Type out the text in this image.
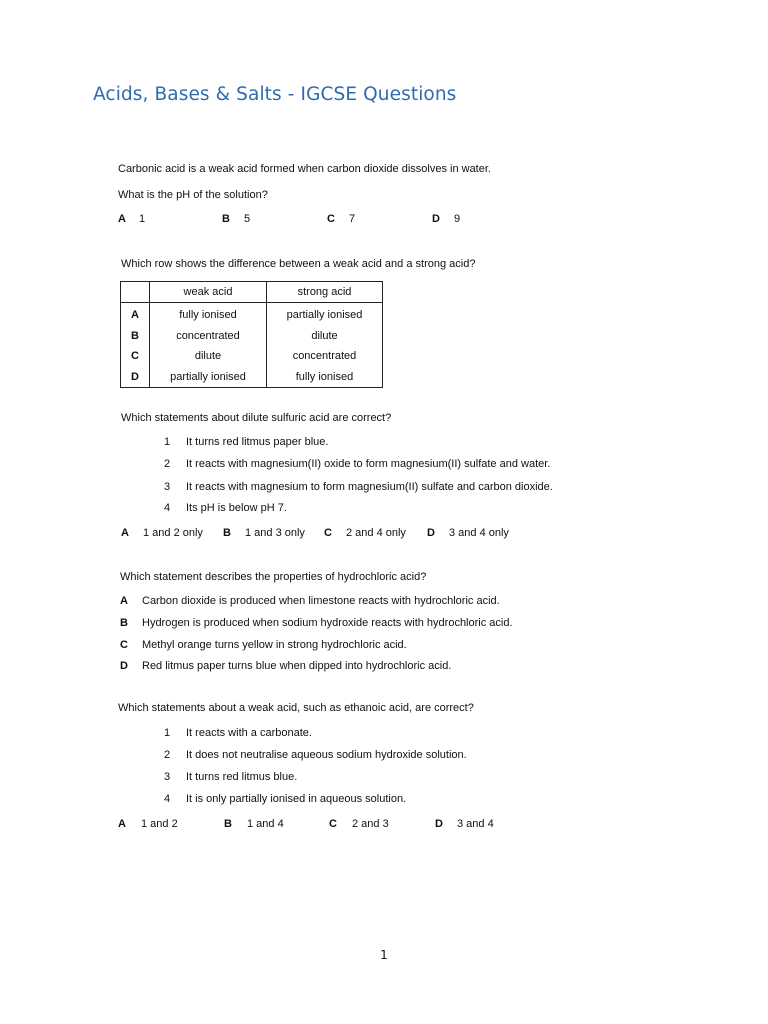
Acids, Bases & Salts - IGCSE Questions
Carbonic acid is a weak acid formed when carbon dioxide dissolves in water.
What is the pH of the solution?
A 1	B 5	C 7	D 9
Which row shows the difference between a weak acid and a strong acid?
	weak acid	strong acid
A	fully ionised	partially ionised
B	concentrated	dilute
C	dilute	concentrated
D	partially ionised	fully ionised
Which statements about dilute sulfuric acid are correct?
1 It turns red litmus paper blue.
2 It reacts with magnesium(II) oxide to form magnesium(II) sulfate and water.
3 It reacts with magnesium to form magnesium(II) sulfate and carbon dioxide.
4 Its pH is below pH 7.
A 1 and 2 only B 1 and 3 only C 2 and 4 only D 3 and 4 only
Which statement describes the properties of hydrochloric acid?
A Carbon dioxide is produced when limestone reacts with hydrochloric acid.
B Hydrogen is produced when sodium hydroxide reacts with hydrochloric acid.
C Methyl orange turns yellow in strong hydrochloric acid.
D Red litmus paper turns blue when dipped into hydrochloric acid.
Which statements about a weak acid, such as ethanoic acid, are correct?
1 It reacts with a carbonate.
2 It does not neutralise aqueous sodium hydroxide solution.
3 It turns red litmus blue.
4 It is only partially ionised in aqueous solution.
A 1 and 2	B 1 and 4	C 2 and 3	D 3 and 4
1
